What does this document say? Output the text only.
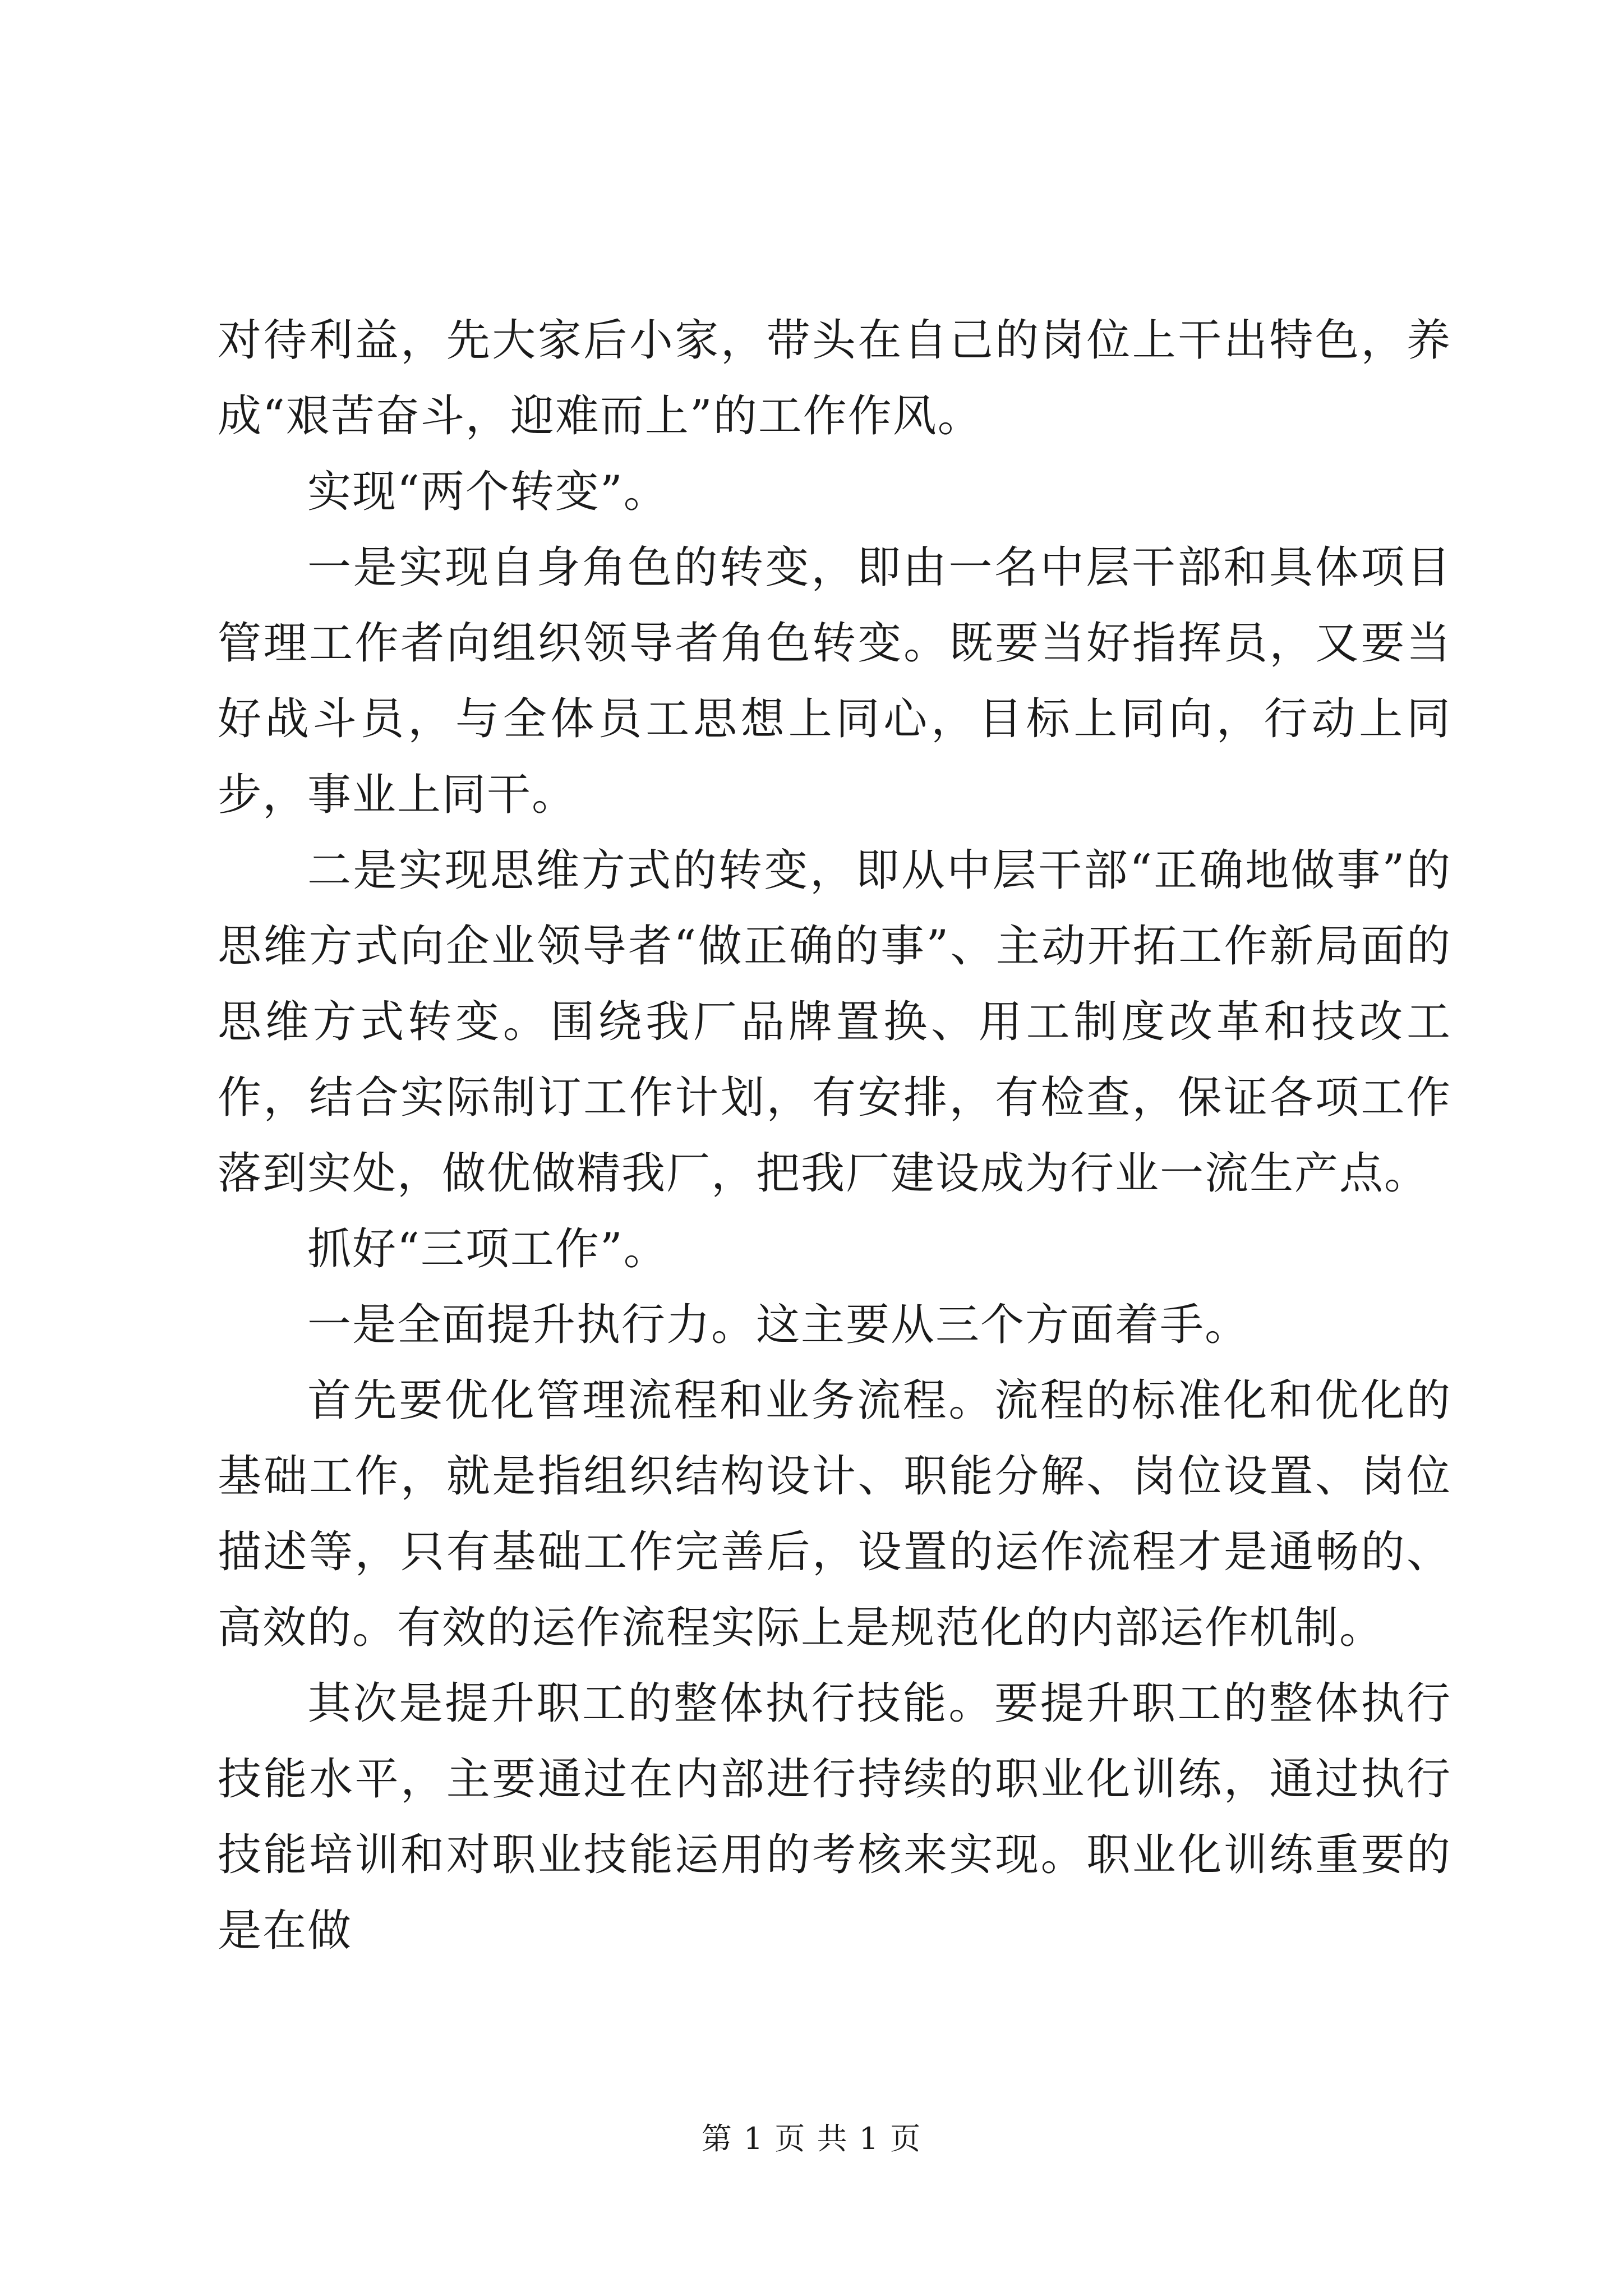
对待利益，先大家后小家，带头在自己的岗位上干出特色，养成“艰苦奋斗，迎难而上”的工作作风。

实现“两个转变”。

一是实现自身角色的转变，即由一名中层干部和具体项目管理工作者向组织领导者角色转变。既要当好指挥员，又要当好战斗员，与全体员工思想上同心，目标上同向，行动上同步，事业上同干。

二是实现思维方式的转变，即从中层干部“正确地做事”的思维方式向企业领导者“做正确的事”、主动开拓工作新局面的思维方式转变。围绕我厂品牌置换、用工制度改革和技改工作，结合实际制订工作计划，有安排，有检查，保证各项工作落到实处，做优做精我厂，把我厂建设成为行业一流生产点。

抓好“三项工作”。

一是全面提升执行力。这主要从三个方面着手。

首先要优化管理流程和业务流程。流程的标准化和优化的基础工作，就是指组织结构设计、职能分解、岗位设置、岗位描述等，只有基础工作完善后，设置的运作流程才是通畅的、高效的。有效的运作流程实际上是规范化的内部运作机制。

其次是提升职工的整体执行技能。要提升职工的整体执行技能水平，主要通过在内部进行持续的职业化训练，通过执行技能培训和对职业技能运用的考核来实现。职业化训练重要的是在做

第 1 页 共 1 页
